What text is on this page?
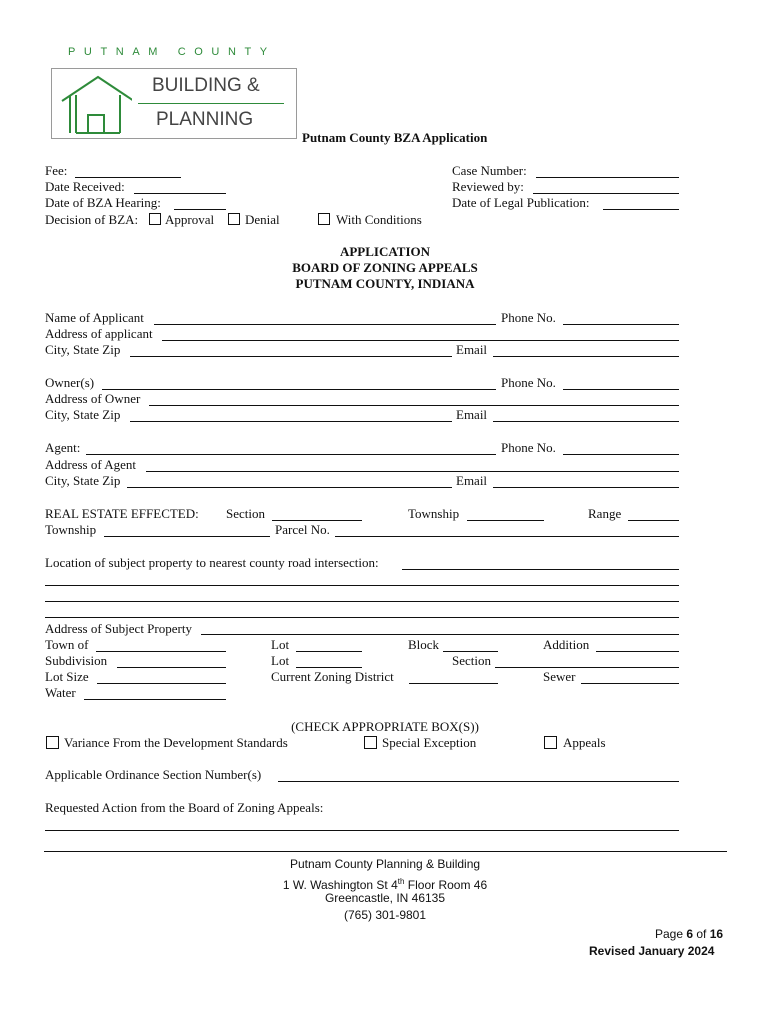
PUTNAM COUNTY
BUILDING &
PLANNING
Putnam County BZA Application
Fee:
Date Received:
Date of BZA Hearing:
Decision of BZA: Approval Denial	With Conditions
Case Number:
Reviewed by:
Date of Legal Publication:
APPLICATION
BOARD OF ZONING APPEALS
PUTNAM COUNTY, INDIANA
Name of Applicant	Phone No.
Address of applicant
City, State Zip	Email
Owner(s)	Phone No.
Address of Owner
City, State Zip	Email
Agent:	Phone No.
Address of Agent
City, State Zip	Email
REAL ESTATE EFFECTED: Section	Township	Range
Township	Parcel No.
Location of subject property to nearest county road intersection:
Address of Subject Property
Town of	Lot	Block	Addition
Subdivision	Lot	Section
Lot Size	Current Zoning District	Sewer
Water
(CHECK APPROPRIATE BOX(S))
Variance From the Development Standards	Special Exception	Appeals
Applicable Ordinance Section Number(s)
Requested Action from the Board of Zoning Appeals:
Putnam County Planning & Building
1 W. Washington St 4th Floor Room 46
Greencastle, IN 46135
(765) 301-9801
Page 6 of 16
Revised January 2024
